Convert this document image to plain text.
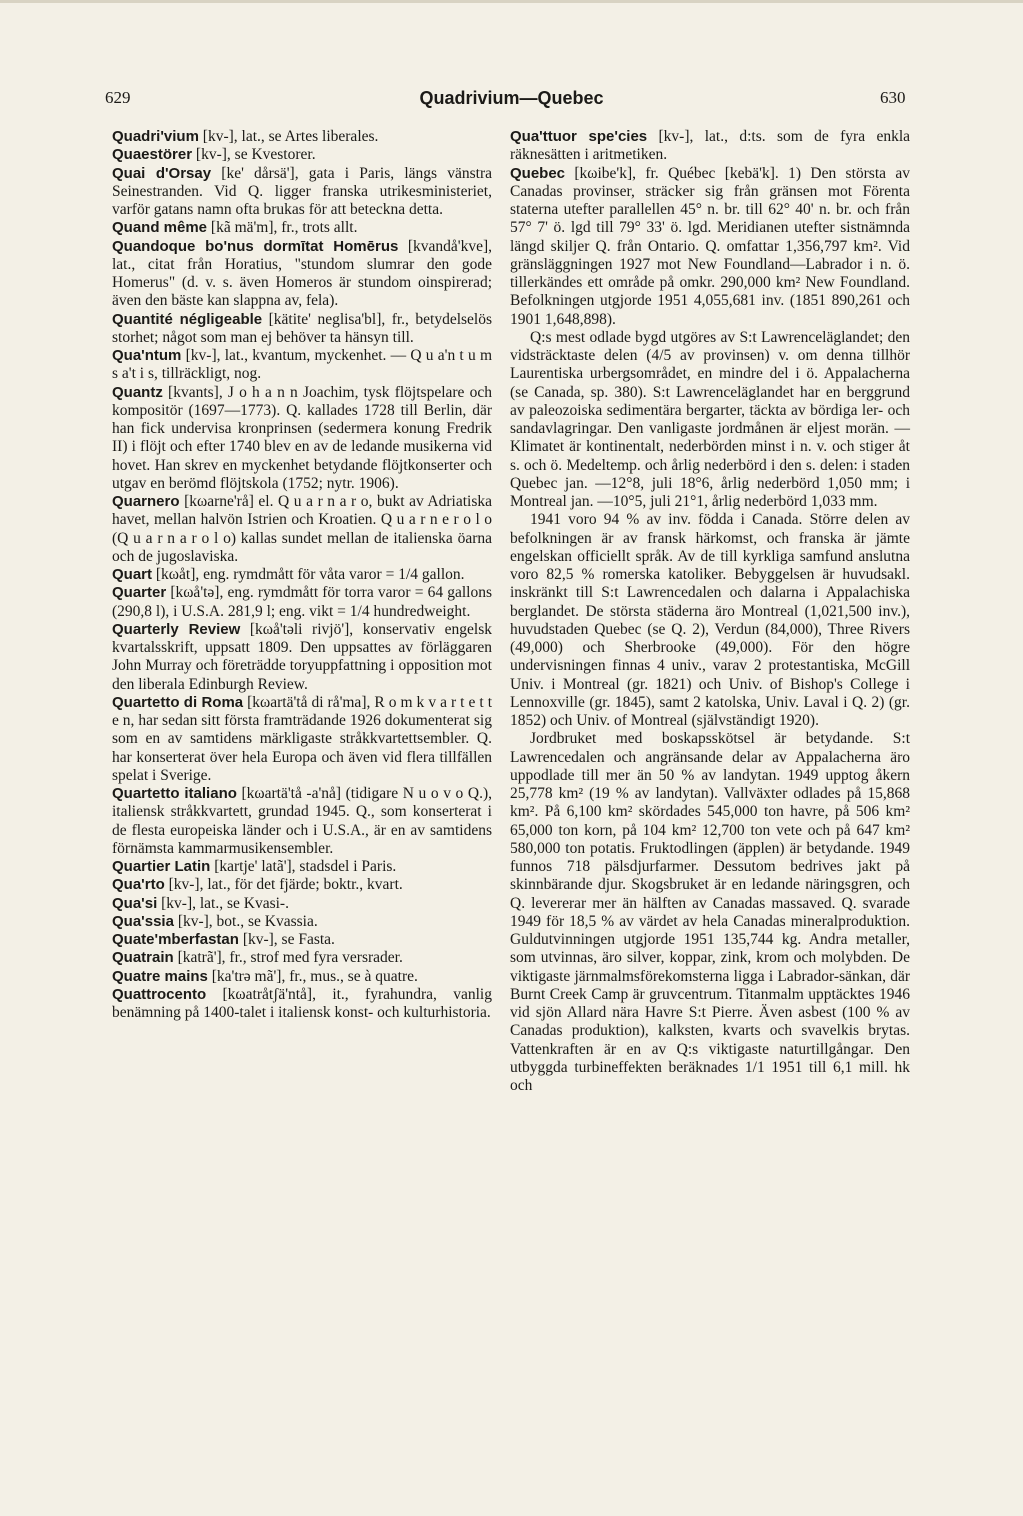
629	Quadrivium—Quebec	630

Quadri'vium [kv-], lat., se Artes liberales.

Quaestörer [kv-], se Kvestorer.

Quai d'Orsay [ke' dårsä'], gata i Paris, längs vänstra Seinestranden. Vid Q. ligger franska utrikesministeriet, varför gatans namn ofta brukas för att beteckna detta.

Quand même [kã mä'm], fr., trots allt.

Quandoque bo'nus dormītat Homērus [kvandå'kve], lat., citat från Horatius, "stundom slumrar den gode Homerus" (d. v. s. även Homeros är stundom oinspirerad; även den bäste kan slappna av, fela).

Quantité négligeable [kätite' neglisa'bl], fr., betydelselös storhet; något som man ej behöver ta hänsyn till.

Qua'ntum [kv-], lat., kvantum, myckenhet. — Q u a'n t u m s a't i s, tillräckligt, nog.

Quantz [kvants], J o h a n n Joachim, tysk flöjtspelare och kompositör (1697—1773). Q. kallades 1728 till Berlin, där han fick undervisa kronprinsen (sedermera konung Fredrik II) i flöjt och efter 1740 blev en av de ledande musikerna vid hovet. Han skrev en myckenhet betydande flöjtkonserter och utgav en berömd flöjtskola (1752; nytr. 1906).

Quarnero [kωarne'rå] el. Q u a r n a r o, bukt av Adriatiska havet, mellan halvön Istrien och Kroatien. Q u a r n e r o l o (Q u a r n a r o l o) kallas sundet mellan de italienska öarna och de jugoslaviska.

Quart [kωåt], eng. rymdmått för våta varor = 1/4 gallon.

Quarter [kωå'tə], eng. rymdmått för torra varor = 64 gallons (290,8 l), i U.S.A. 281,9 l; eng. vikt = 1/4 hundredweight.

Quarterly Review [kωå'təli rivjö'], konservativ engelsk kvartalsskrift, uppsatt 1809. Den uppsattes av förläggaren John Murray och företrädde toryuppfattning i opposition mot den liberala Edinburgh Review.

Quartetto di Roma [kωartä'tå di rå'ma], R o m k v a r t e t t e n, har sedan sitt första framträdande 1926 dokumenterat sig som en av samtidens märkligaste stråkkvartettsembler. Q. har konserterat över hela Europa och även vid flera tillfällen spelat i Sverige.

Quartetto italiano [kωartä'tå -a'nå] (tidigare N u o v o Q.), italiensk stråkkvartett, grundad 1945. Q., som konserterat i de flesta europeiska länder och i U.S.A., är en av samtidens förnämsta kammarmusikensembler.

Quartier Latin [kartje' latã'], stadsdel i Paris.

Qua'rto [kv-], lat., för det fjärde; boktr., kvart.

Qua'si [kv-], lat., se Kvasi-.

Qua'ssia [kv-], bot., se Kvassia.

Quate'mberfastan [kv-], se Fasta.

Quatrain [katrã'], fr., strof med fyra versrader.

Quatre mains [ka'trə mã'], fr., mus., se à quatre.

Quattrocento [kωatråtʃä'ntå], it., fyrahundra, vanlig benämning på 1400-talet i italiensk konst- och kulturhistoria.

Qua'ttuor spe'cies [kv-], lat., d:ts. som de fyra enkla räknesätten i aritmetiken.

Quebec [kωibe'k], fr. Québec [kebä'k]. 1) Den största av Canadas provinser, sträcker sig från gränsen mot Förenta staterna utefter parallellen 45° n. br. till 62° 40' n. br. och från 57° 7' ö. lgd till 79° 33' ö. lgd. Meridianen utefter sistnämnda längd skiljer Q. från Ontario. Q. omfattar 1,356,797 km². Vid gränsläggningen 1927 mot New Foundland—Labrador i n. ö. tillerkändes ett område på omkr. 290,000 km² New Foundland. Befolkningen utgjorde 1951 4,055,681 inv. (1851 890,261 och 1901 1,648,898).

Q:s mest odlade bygd utgöres av S:t Lawrenceläglandet; den vidsträcktaste delen (4/5 av provinsen) v. om denna tillhör Laurentiska urbergsområdet, en mindre del i ö. Appalacherna (se Canada, sp. 380). S:t Lawrenceläglandet har en berggrund av paleozoiska sedimentära bergarter, täckta av bördiga ler- och sandavlagringar. Den vanligaste jordmånen är eljest morän. — Klimatet är kontinentalt, nederbörden minst i n. v. och stiger åt s. och ö. Medeltemp. och årlig nederbörd i den s. delen: i staden Quebec jan. —12°8, juli 18°6, årlig nederbörd 1,050 mm; i Montreal jan. —10°5, juli 21°1, årlig nederbörd 1,033 mm.

1941 voro 94 % av inv. födda i Canada. Större delen av befolkningen är av fransk härkomst, och franska är jämte engelskan officiellt språk. Av de till kyrkliga samfund anslutna voro 82,5 % romerska katoliker. Bebyggelsen är huvudsakl. inskränkt till S:t Lawrencedalen och dalarna i Appalachiska berglandet. De största städerna äro Montreal (1,021,500 inv.), huvudstaden Quebec (se Q. 2), Verdun (84,000), Three Rivers (49,000) och Sherbrooke (49,000). För den högre undervisningen finnas 4 univ., varav 2 protestantiska, McGill Univ. i Montreal (gr. 1821) och Univ. of Bishop's College i Lennoxville (gr. 1845), samt 2 katolska, Univ. Laval i Q. 2) (gr. 1852) och Univ. of Montreal (självständigt 1920).

Jordbruket med boskapsskötsel är betydande. S:t Lawrencedalen och angränsande delar av Appalacherna äro uppodlade till mer än 50 % av landytan. 1949 upptog åkern 25,778 km² (19 % av landytan). Vallväxter odlades på 15,868 km². På 6,100 km² skördades 545,000 ton havre, på 506 km² 65,000 ton korn, på 104 km² 12,700 ton vete och på 647 km² 580,000 ton potatis. Fruktodlingen (äpplen) är betydande. 1949 funnos 718 pälsdjurfarmer. Dessutom bedrives jakt på skinnbärande djur. Skogsbruket är en ledande näringsgren, och Q. levererar mer än hälften av Canadas massaved. Q. svarade 1949 för 18,5 % av värdet av hela Canadas mineralproduktion. Guldutvinningen utgjorde 1951 135,744 kg. Andra metaller, som utvinnas, äro silver, koppar, zink, krom och molybden. De viktigaste järnmalmsförekomsterna ligga i Labrador-sänkan, där Burnt Creek Camp är gruvcentrum. Titanmalm upptäcktes 1946 vid sjön Allard nära Havre S:t Pierre. Även asbest (100 % av Canadas produktion), kalksten, kvarts och svavelkis brytas. Vattenkraften är en av Q:s viktigaste naturtillgångar. Den utbyggda turbineffekten beräknades 1/1 1951 till 6,1 mill. hk och
